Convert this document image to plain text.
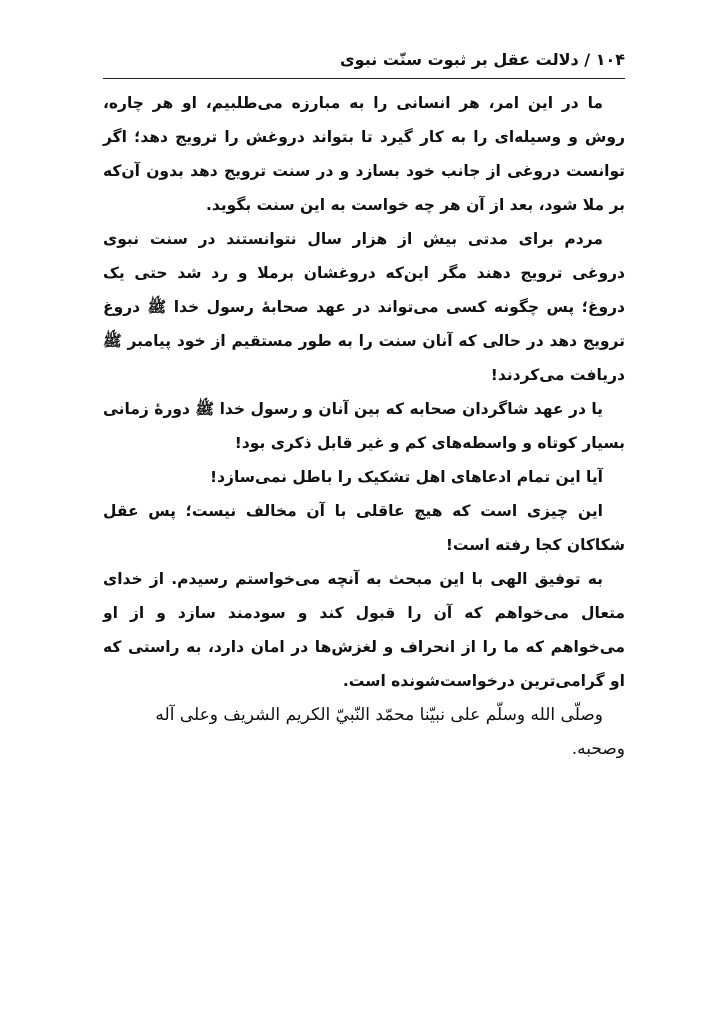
۱۰۴ / دلالت عقل بر ثبوت سنّت نبوی

ما در این امر، هر انسانی را به مبارزه می‌طلبیم، او هر چاره، روش و وسیله‌ای را به کار گیرد تا بتواند دروغش را ترویج دهد؛ اگر توانست دروغی از جانب خود بسازد و در سنت ترویج دهد بدون آن‌که بر ملا شود، بعد از آن هر چه خواست به این سنت بگوید.

مردم برای مدتی بیش از هزار سال نتوانستند در سنت نبوی دروغی ترویج دهند مگر این‌که دروغشان برملا و رد شد حتی یک دروغ؛ پس چگونه کسی می‌تواند در عهد صحابهٔ رسول خدا ﷺ دروغ ترویج دهد در حالی که آنان سنت را به طور مستقیم از خود پیامبر ﷺ دریافت می‌کردند!

یا در عهد شاگردان صحابه که بین آنان و رسول خدا ﷺ دورهٔ زمانی بسیار کوتاه و واسطه‌های کم و غیر قابل ذکری بود!

آیا این تمام ادعاهای اهل تشکیک را باطل نمی‌سازد!

این چیزی است که هیچ عاقلی با آن مخالف نیست؛ پس عقل شکاکان کجا رفته است!

به توفیق الهی با این مبحث به آنچه می‌خواستم رسیدم. از خدای متعال می‌خواهم که آن را قبول کند و سودمند سازد و از او می‌خواهم که ما را از انحراف و لغزش‌ها در امان دارد، به راستی که او گرامی‌ترین درخواست‌شونده است.

وصلّى الله وسلّم على نبيّنا محمّد النّبيّ الكريم الشريف وعلى آله وصحبه.
